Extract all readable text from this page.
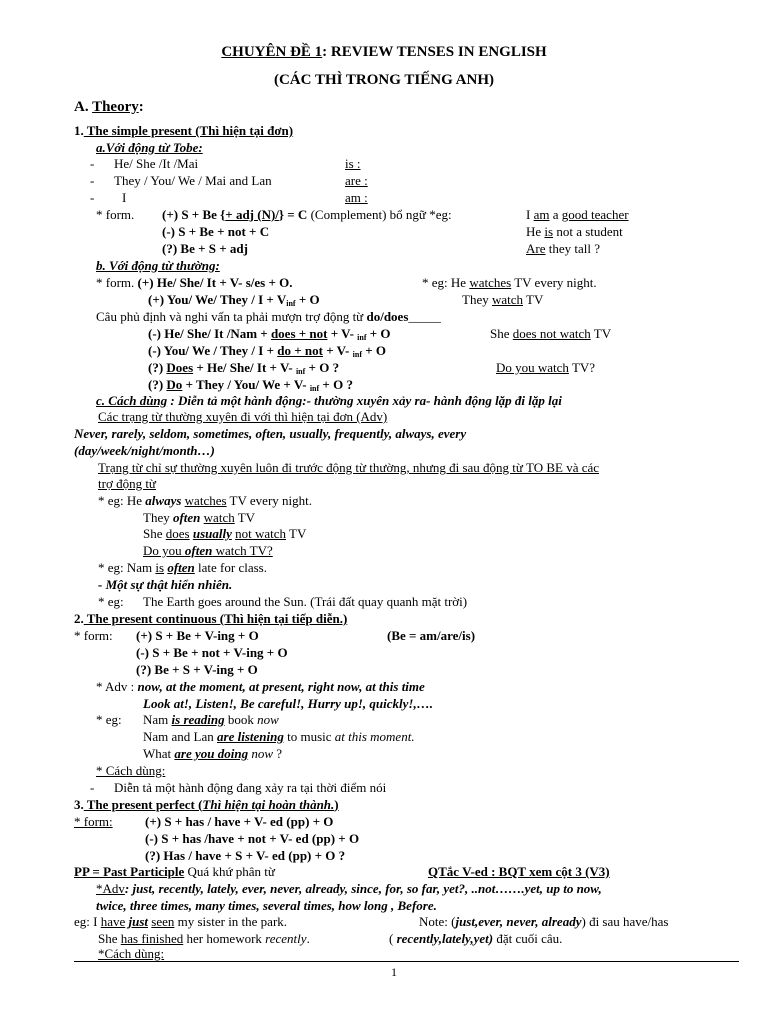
CHUYÊN ĐỀ 1: REVIEW TENSES IN ENGLISH
(CÁC THÌ TRONG TIẾNG ANH)
A. Theory:
1. The simple present (Thì hiện tại đơn)
a.Với động từ Tobe:
- He/ She /It /Mai	is :
- They / You/ We / Mai and Lan	are :
- I	am :
* form. (+) S + Be {+ adj (N)/} = C (Complement) bổ ngữ *eg:	I am a good teacher
(-) S + Be + not + C	He is not a student
(?) Be + S + adj	Are they tall ?
b. Với động từ thường:
* form. (+) He/ She/ It + V- s/es + O.	* eg: He watches TV every night.
(+) You/ We/ They / $I + V_{inf} + O$	They watch TV
Câu phủ định và nghi vấn ta phải mượn trợ động từ do/does_____
(-) He/ She/ It /Nam + does + not + V- $_{inf}$ + O	She does not watch TV
(-) You/ We / They / I + do + not + V- $_{inf}$ + O
(?) Does + He/ She/ It + V- $_{inf}$ + O ?	Do you watch TV?
(?) Do + They / You/ We + V- $_{inf}$ + O ?
c. Cách dùng : Diễn tả một hành động:- thường xuyên xảy ra- hành động lặp đi lặp lại
Các trạng từ thường xuyên đi với thì hiện tại đơn (Adv)
Never, rarely, seldom, sometimes, often, usually, frequently, always, every
(day/week/night/month…)
Trạng từ chỉ sự thường xuyên luôn đi trước động từ thường, nhưng đi sau động từ TO BE và các
trợ động từ
* eg: He always watches TV every night.
They often watch TV
She does usually not watch TV
Do you often watch TV?
* eg: Nam is often late for class.
- Một sự thật hiển nhiên.
* eg: The Earth goes around the Sun. (Trái đất quay quanh mặt trời)
2. The present continuous (Thì hiện tại tiếp diễn.)
* form: (+) S + Be + V-ing + O	(Be = am/are/is)
(-) S + Be + not + V-ing + O
(?) Be + S + V-ing + O
* Adv : now, at the moment, at present, right now, at this time
Look at!, Listen!, Be careful!, Hurry up!, quickly!,….
* eg: Nam is reading book now
Nam and Lan are listening to music at this moment.
What are you doing now ?
* Cách dùng:
- Diễn tả một hành động đang xảy ra tại thời điểm nói
3. The present perfect (Thì hiện tại hoàn thành.)
* form: (+) S + has / have + V- ed (pp) + O
(-) S + has /have + not + V- ed (pp) + O
(?) Has / have + S + V- ed (pp) + O ?
PP = Past Participle Quá khứ phân từ	QTắc V-ed : BQT xem cột 3 (V3)
*Adv: just, recently, lately, ever, never, already, since, for, so far, yet?, ..not…….yet, up to now,
twice, three times, many times, several times, how long , Before.
eg: I have just seen my sister in the park.	Note: (just,ever, never, already) đi sau have/has
She has finished her homework recently.	( recently,lately,yet) đặt cuối câu.
*Cách dùng:
1
